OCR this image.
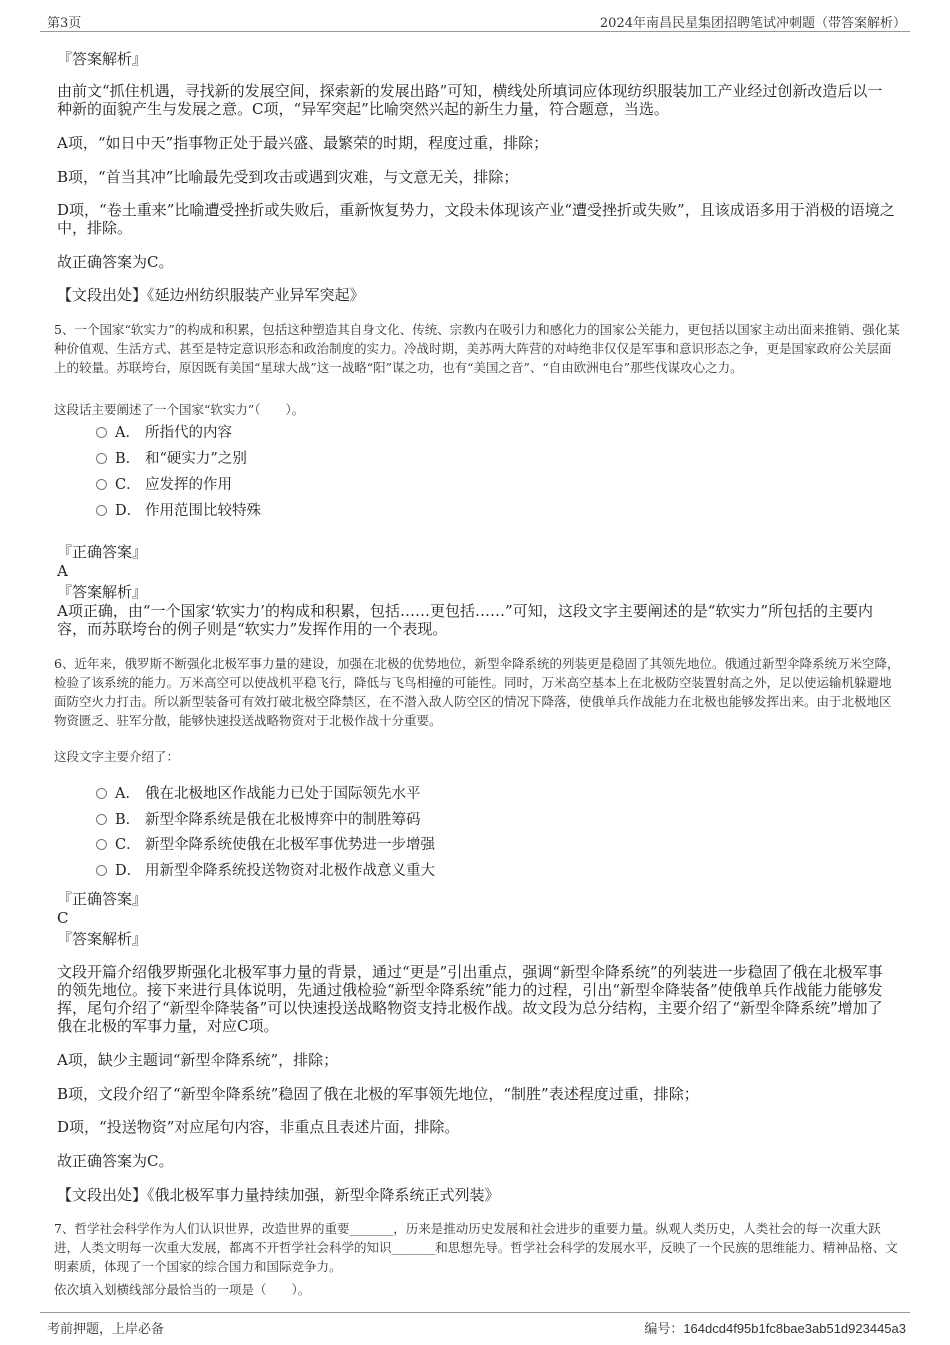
第3页	2024年南昌民星集团招聘笔试冲刺题（带答案解析）
『答案解析』
由前文“抓住机遇，寻找新的发展空间，探索新的发展出路”可知，横线处所填词应体现纺织服装加工产业经过创新改造后以一种新的面貌产生与发展之意。C项，“异军突起”比喻突然兴起的新生力量，符合题意，当选。
A项，“如日中天”指事物正处于最兴盛、最繁荣的时期，程度过重，排除；
B项，“首当其冲”比喻最先受到攻击或遇到灾难，与文意无关，排除；
D项，“卷土重来”比喻遭受挫折或失败后，重新恢复势力，文段未体现该产业“遭受挫折或失败”，且该成语多用于消极的语境之中，排除。
故正确答案为C。
【文段出处】《延边州纺织服装产业异军突起》
5、一个国家“软实力”的构成和积累，包括这种塑造其自身文化、传统、宗教内在吸引力和感化力的国家公关能力，更包括以国家主动出面来推销、强化某种价值观、生活方式、甚至是特定意识形态和政治制度的实力。冷战时期，美苏两大阵营的对峙绝非仅仅是军事和意识形态之争，更是国家政府公关层面上的较量。苏联垮台，原因既有美国“星球大战”这一战略“阳”谋之功，也有“美国之音”、“自由欧洲电台”那些伐谋攻心之力。
这段话主要阐述了一个国家“软实力”（　　）。
A． 所指代的内容
B． 和“硬实力”之别
C． 应发挥的作用
D． 作用范围比较特殊
『正确答案』
A
『答案解析』
A项正确，由“一个国家‘软实力’的构成和积累，包括……更包括……”可知，这段文字主要阐述的是“软实力”所包括的主要内容，而苏联垮台的例子则是“软实力”发挥作用的一个表现。
6、近年来，俄罗斯不断强化北极军事力量的建设，加强在北极的优势地位，新型伞降系统的列装更是稳固了其领先地位。俄通过新型伞降系统万米空降，检验了该系统的能力。万米高空可以使战机平稳飞行，降低与飞鸟相撞的可能性。同时，万米高空基本上在北极防空装置射高之外，足以使运输机躲避地面防空火力打击。所以新型装备可有效打破北极空降禁区，在不潜入敌人防空区的情况下降落，使俄单兵作战能力在北极也能够发挥出来。由于北极地区物资匮乏、驻军分散，能够快速投送战略物资对于北极作战十分重要。
这段文字主要介绍了：
A． 俄在北极地区作战能力已处于国际领先水平
B． 新型伞降系统是俄在北极博弈中的制胜筹码
C． 新型伞降系统使俄在北极军事优势进一步增强
D． 用新型伞降系统投送物资对北极作战意义重大
『正确答案』
C
『答案解析』
文段开篇介绍俄罗斯强化北极军事力量的背景，通过“更是”引出重点，强调“新型伞降系统”的列装进一步稳固了俄在北极军事的领先地位。接下来进行具体说明，先通过俄检验“新型伞降系统”能力的过程，引出“新型伞降装备”使俄单兵作战能力能够发挥，尾句介绍了“新型伞降装备”可以快速投送战略物资支持北极作战。故文段为总分结构，主要介绍了“新型伞降系统”增加了俄在北极的军事力量，对应C项。
A项，缺少主题词“新型伞降系统”，排除；
B项，文段介绍了“新型伞降系统”稳固了俄在北极的军事领先地位，“制胜”表述程度过重，排除；
D项，“投送物资”对应尾句内容，非重点且表述片面，排除。
故正确答案为C。
【文段出处】《俄北极军事力量持续加强，新型伞降系统正式列装》
7、哲学社会科学作为人们认识世界，改造世界的重要_______，历来是推动历史发展和社会进步的重要力量。纵观人类历史，人类社会的每一次重大跃进，人类文明每一次重大发展，都离不开哲学社会科学的知识_______和思想先导。哲学社会科学的发展水平，反映了一个民族的思维能力、精神品格、文明素质，体现了一个国家的综合国力和国际竞争力。
依次填入划横线部分最恰当的一项是（　　）。
考前押题，上岸必备	编号：164dcd4f95b1fc8bae3ab51d923445a3
